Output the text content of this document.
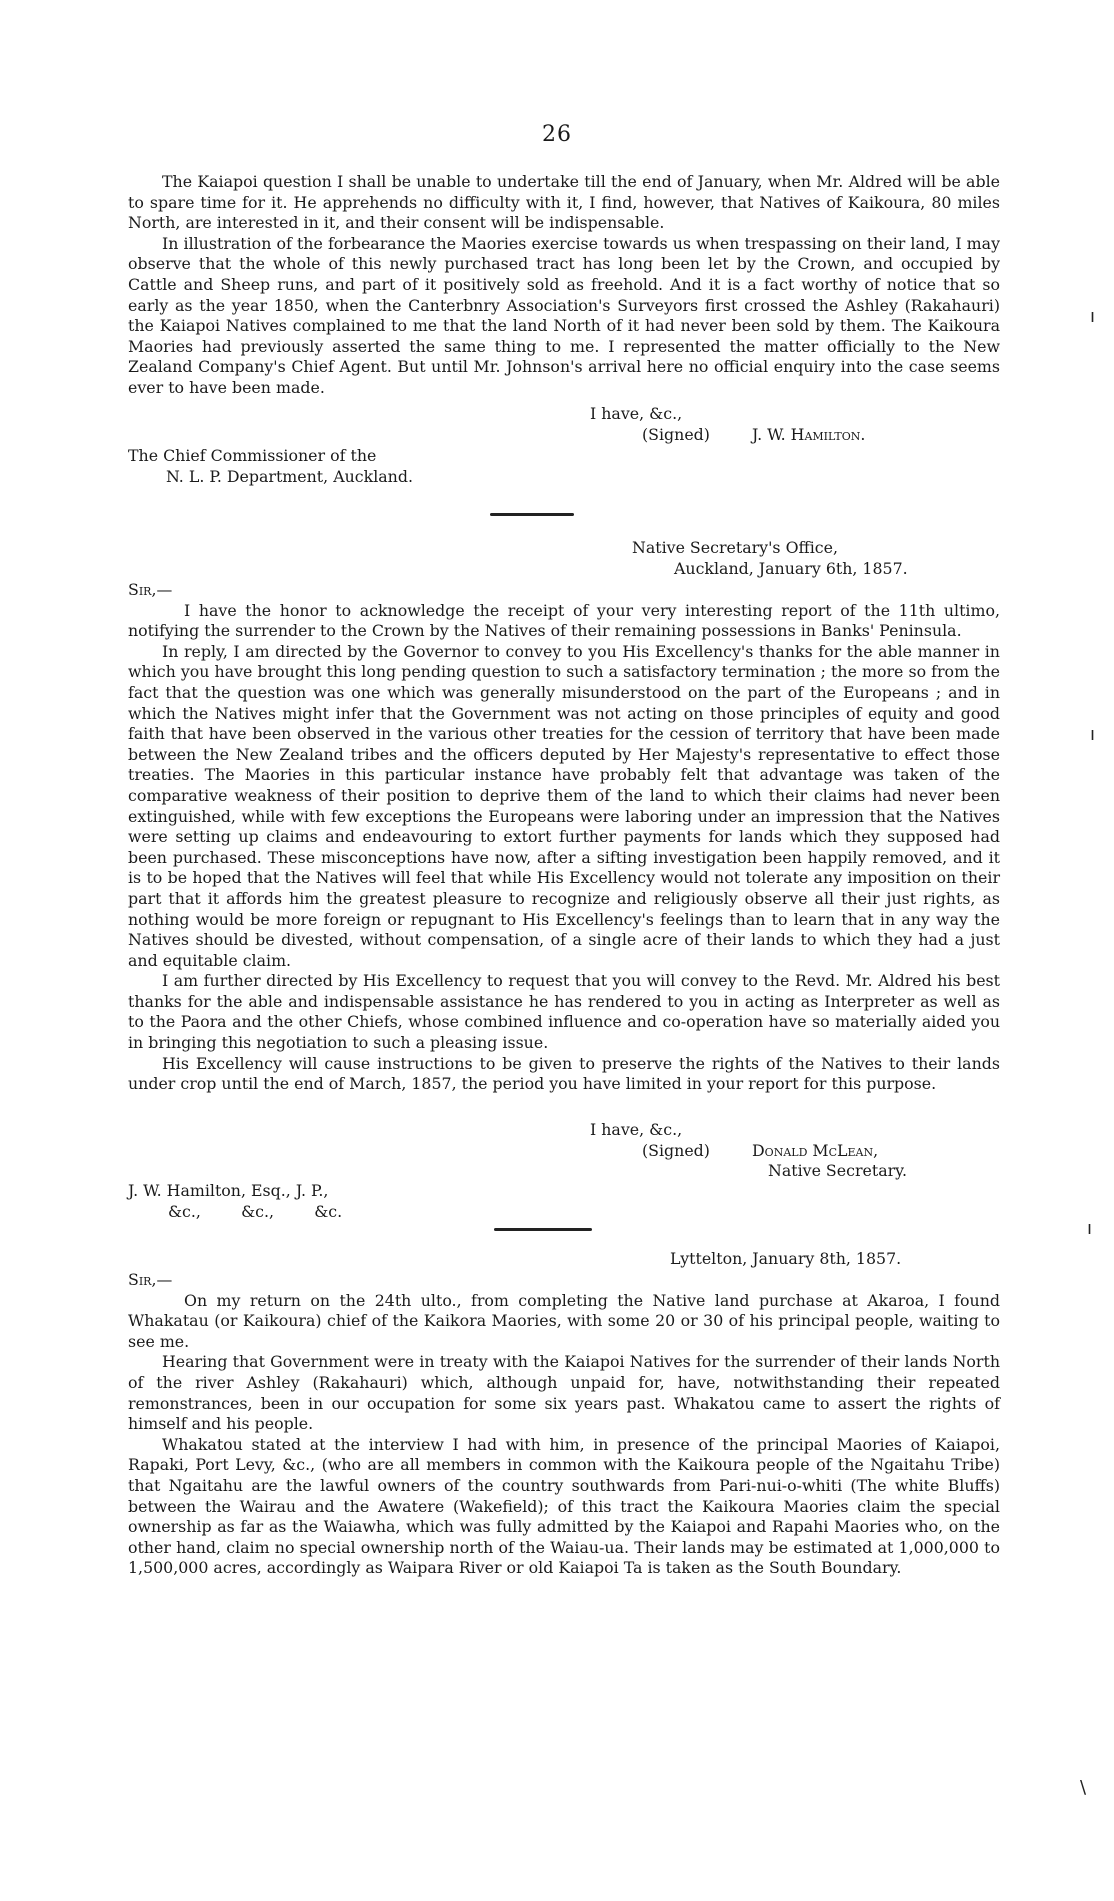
26

The Kaiapoi question I shall be unable to undertake till the end of January, when Mr. Aldred will be able to spare time for it. He apprehends no difficulty with it, I find, however, that Natives of Kaikoura, 80 miles North, are interested in it, and their consent will be indispensable.

In illustration of the forbearance the Maories exercise towards us when trespassing on their land, I may observe that the whole of this newly purchased tract has long been let by the Crown, and occupied by Cattle and Sheep runs, and part of it positively sold as freehold. And it is a fact worthy of notice that so early as the year 1850, when the Canterbnry Association's Surveyors first crossed the Ashley (Rakahauri) the Kaiapoi Natives complained to me that the land North of it had never been sold by them. The Kaikoura Maories had previously asserted the same thing to me. I represented the matter officially to the New Zealand Company's Chief Agent. But until Mr. Johnson's arrival here no official enquiry into the case seems ever to have been made.

I have, &c.,

(Signed)	J. W. Hamilton.

The Chief Commissioner of the

N. L. P. Department, Auckland.

Native Secretary's Office,

Auckland, January 6th, 1857.

Sir,—

I have the honor to acknowledge the receipt of your very interesting report of the 11th ultimo, notifying the surrender to the Crown by the Natives of their remaining possessions in Banks' Peninsula.

In reply, I am directed by the Governor to convey to you His Excellency's thanks for the able manner in which you have brought this long pending question to such a satisfactory termination ; the more so from the fact that the question was one which was generally misunderstood on the part of the Europeans ; and in which the Natives might infer that the Government was not acting on those principles of equity and good faith that have been observed in the various other treaties for the cession of territory that have been made between the New Zealand tribes and the officers deputed by Her Majesty's representative to effect those treaties. The Maories in this particular instance have probably felt that advantage was taken of the comparative weakness of their position to deprive them of the land to which their claims had never been extinguished, while with few exceptions the Europeans were laboring under an impression that the Natives were setting up claims and endeavouring to extort further payments for lands which they supposed had been purchased. These misconceptions have now, after a sifting investigation been happily removed, and it is to be hoped that the Natives will feel that while His Excellency would not tolerate any imposition on their part that it affords him the greatest pleasure to recognize and religiously observe all their just rights, as nothing would be more foreign or repugnant to His Excellency's feelings than to learn that in any way the Natives should be divested, without compensation, of a single acre of their lands to which they had a just and equitable claim.

I am further directed by His Excellency to request that you will convey to the Revd. Mr. Aldred his best thanks for the able and indispensable assistance he has rendered to you in acting as Interpreter as well as to the Paora and the other Chiefs, whose combined influence and co-operation have so materially aided you in bringing this negotiation to such a pleasing issue.

His Excellency will cause instructions to be given to preserve the rights of the Natives to their lands under crop until the end of March, 1857, the period you have limited in your report for this purpose.

I have, &c.,

(Signed)	Donald McLean,

Native Secretary.

J. W. Hamilton, Esq., J. P.,

&c.,        &c.,        &c.

Lyttelton, January 8th, 1857.

Sir,—

On my return on the 24th ulto., from completing the Native land purchase at Akaroa, I found Whakatau (or Kaikoura) chief of the Kaikora Maories, with some 20 or 30 of his principal people, waiting to see me.

Hearing that Government were in treaty with the Kaiapoi Natives for the surrender of their lands North of the river Ashley (Rakahauri) which, although unpaid for, have, notwithstanding their repeated remonstrances, been in our occupation for some six years past. Whakatou came to assert the rights of himself and his people.

Whakatou stated at the interview I had with him, in presence of the principal Maories of Kaiapoi, Rapaki, Port Levy, &c., (who are all members in common with the Kaikoura people of the Ngaitahu Tribe) that Ngaitahu are the lawful owners of the country southwards from Pari-nui-o-whiti (The white Bluffs) between the Wairau and the Awatere (Wakefield); of this tract the Kaikoura Maories claim the special ownership as far as the Waiawha, which was fully admitted by the Kaiapoi and Rapahi Maories who, on the other hand, claim no special ownership north of the Waiau-ua. Their lands may be estimated at 1,000,000 to 1,500,000 acres, accordingly as Waipara River or old Kaiapoi Ta is taken as the South Boundary.

ı
ı
ı
\
